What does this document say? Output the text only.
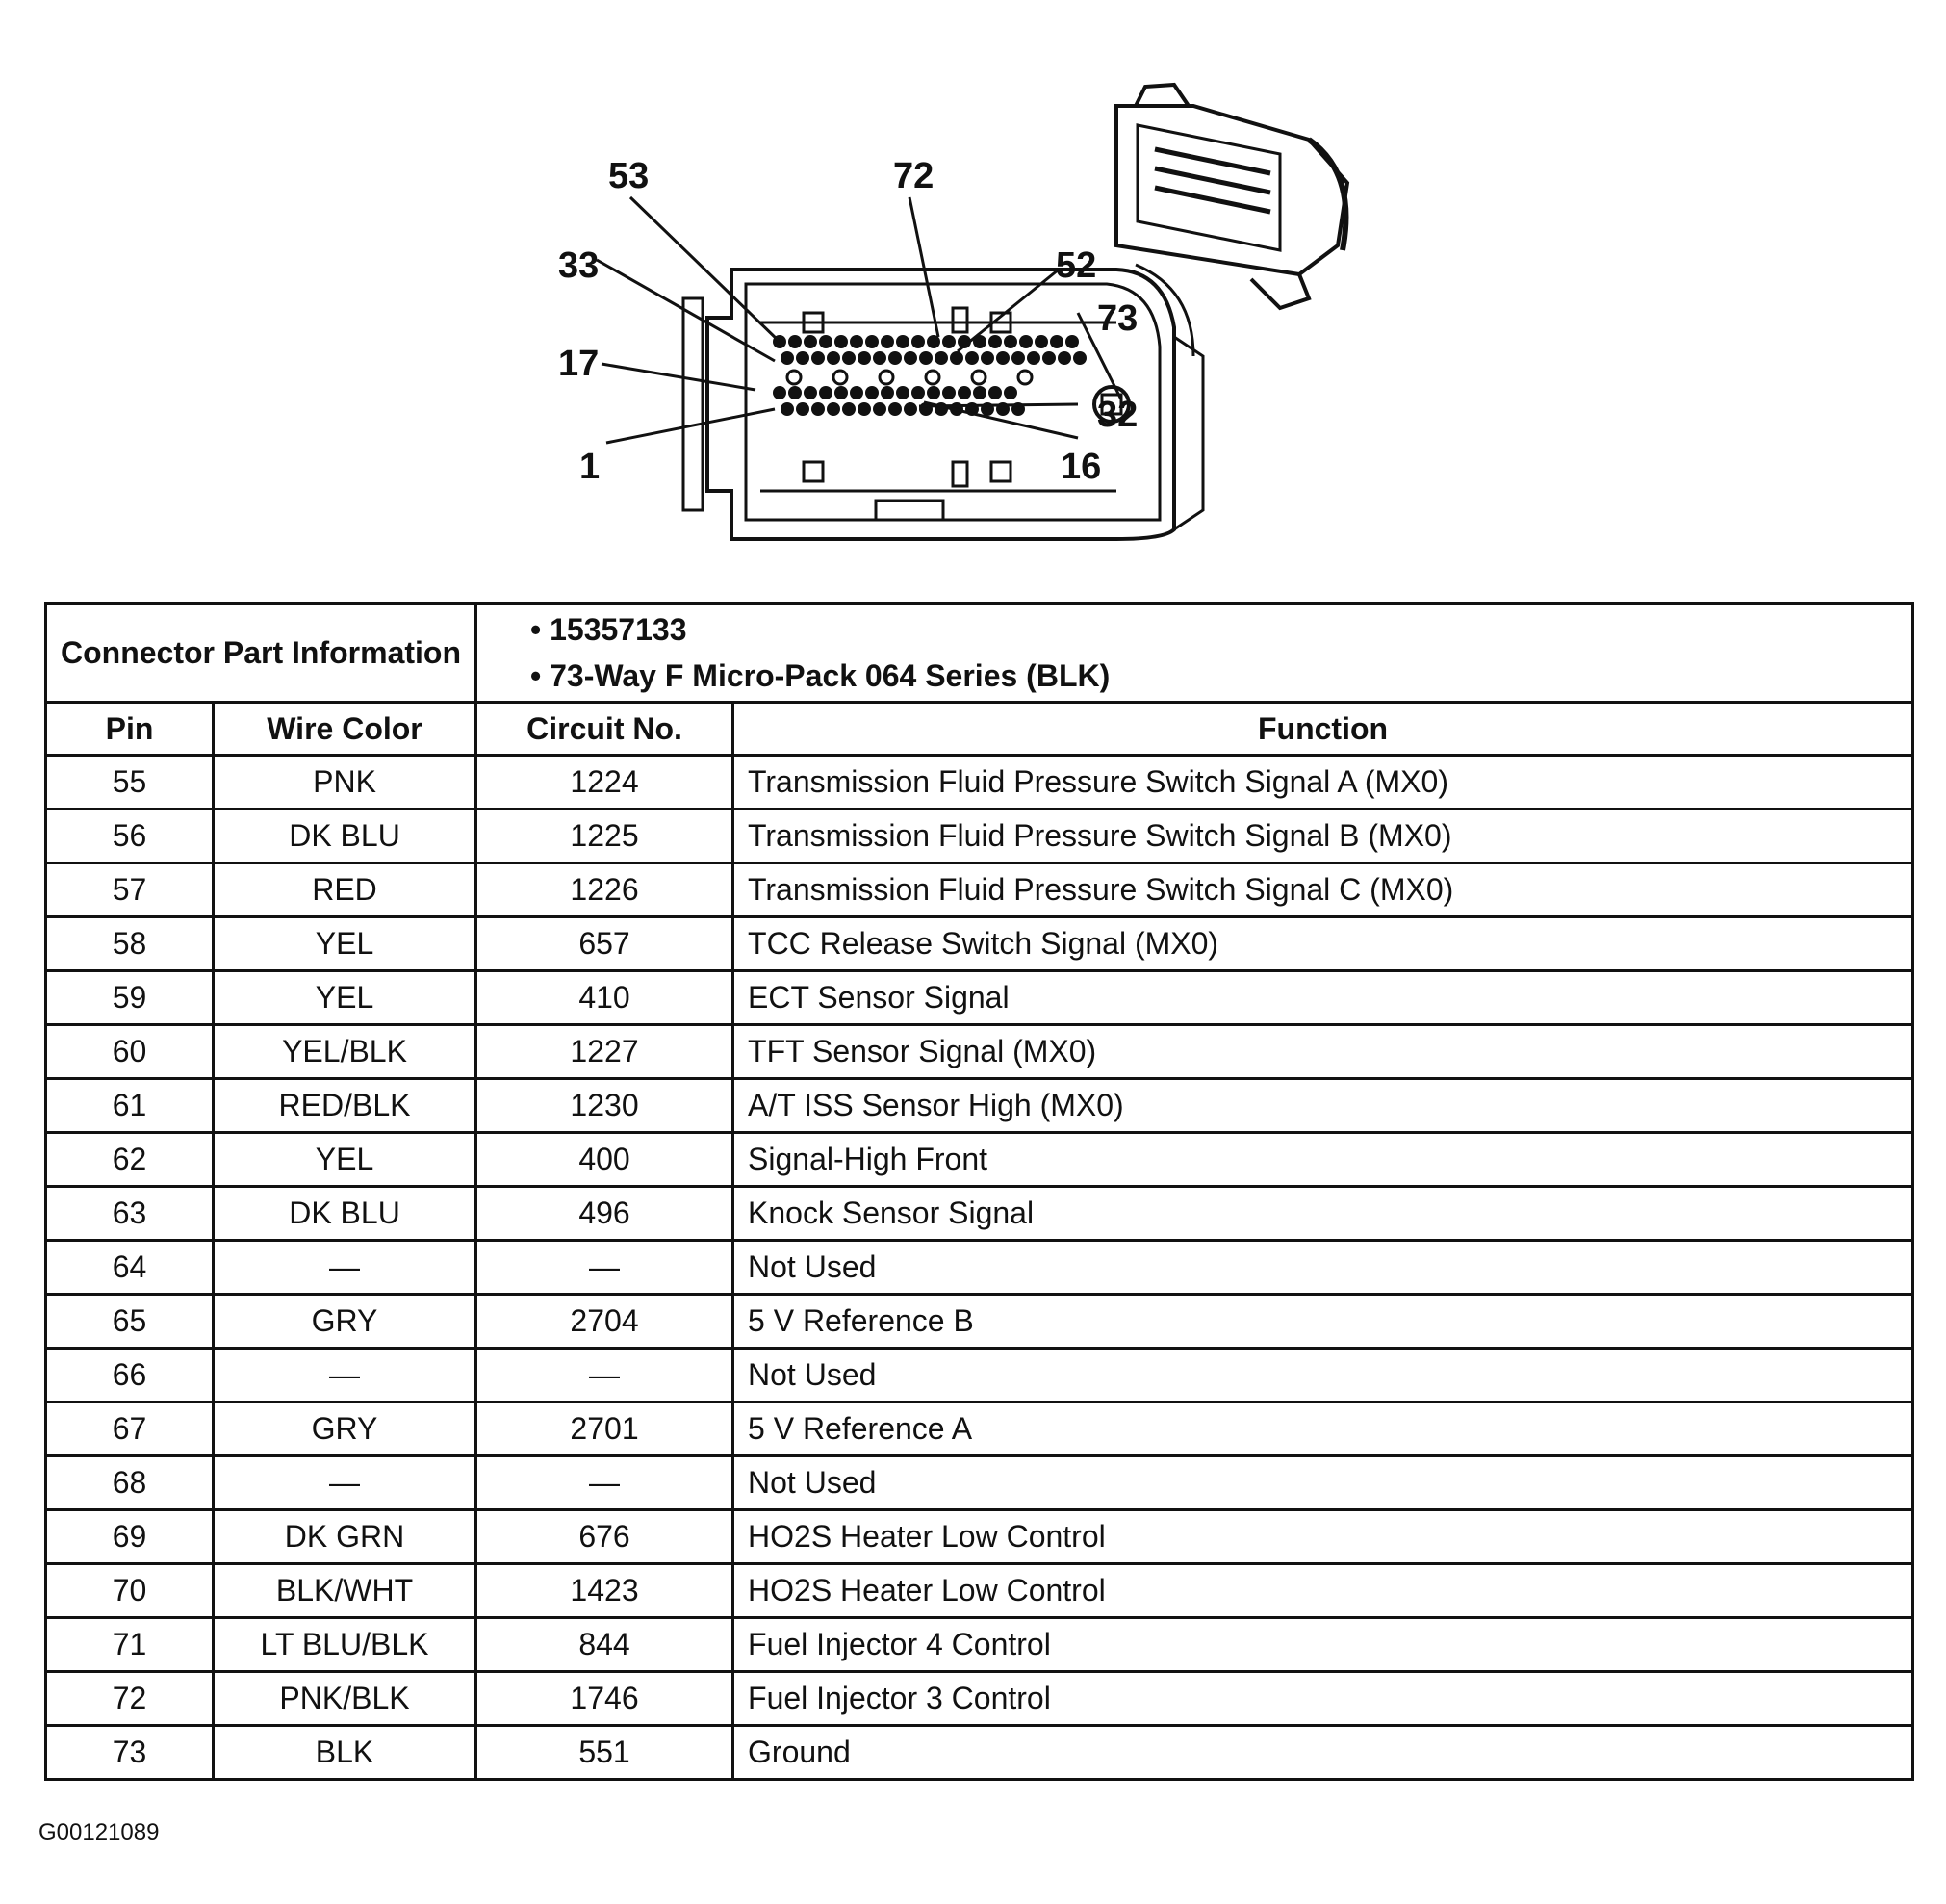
53	72
33	52
73
17
32
1	16
Connector Part Information		• 15357133
• 73-Way F Micro-Pack 064 Series (BLK)	

Pin	Wire Color	Circuit No.	Function
55	PNK	1224	Transmission Fluid Pressure Switch Signal A (MX0)
56	DK BLU	1225	Transmission Fluid Pressure Switch Signal B (MX0)
57	RED	1226	Transmission Fluid Pressure Switch Signal C (MX0)
58	YEL	657	TCC Release Switch Signal (MX0)
59	YEL	410	ECT Sensor Signal
60	YEL/BLK	1227	TFT Sensor Signal (MX0)
61	RED/BLK	1230	A/T ISS Sensor High (MX0)
62	YEL	400	Signal-High Front
63	DK BLU	496	Knock Sensor Signal
64	—	—	Not Used
65	GRY	2704	5 V Reference B
66	—	—	Not Used
67	GRY	2701	5 V Reference A
68	—	—	Not Used
69	DK GRN	676	HO2S Heater Low Control
70	BLK/WHT	1423	HO2S Heater Low Control
71	LT BLU/BLK	844	Fuel Injector 4 Control
72	PNK/BLK	1746	Fuel Injector 3 Control
73	BLK	551	Ground
G00121089
